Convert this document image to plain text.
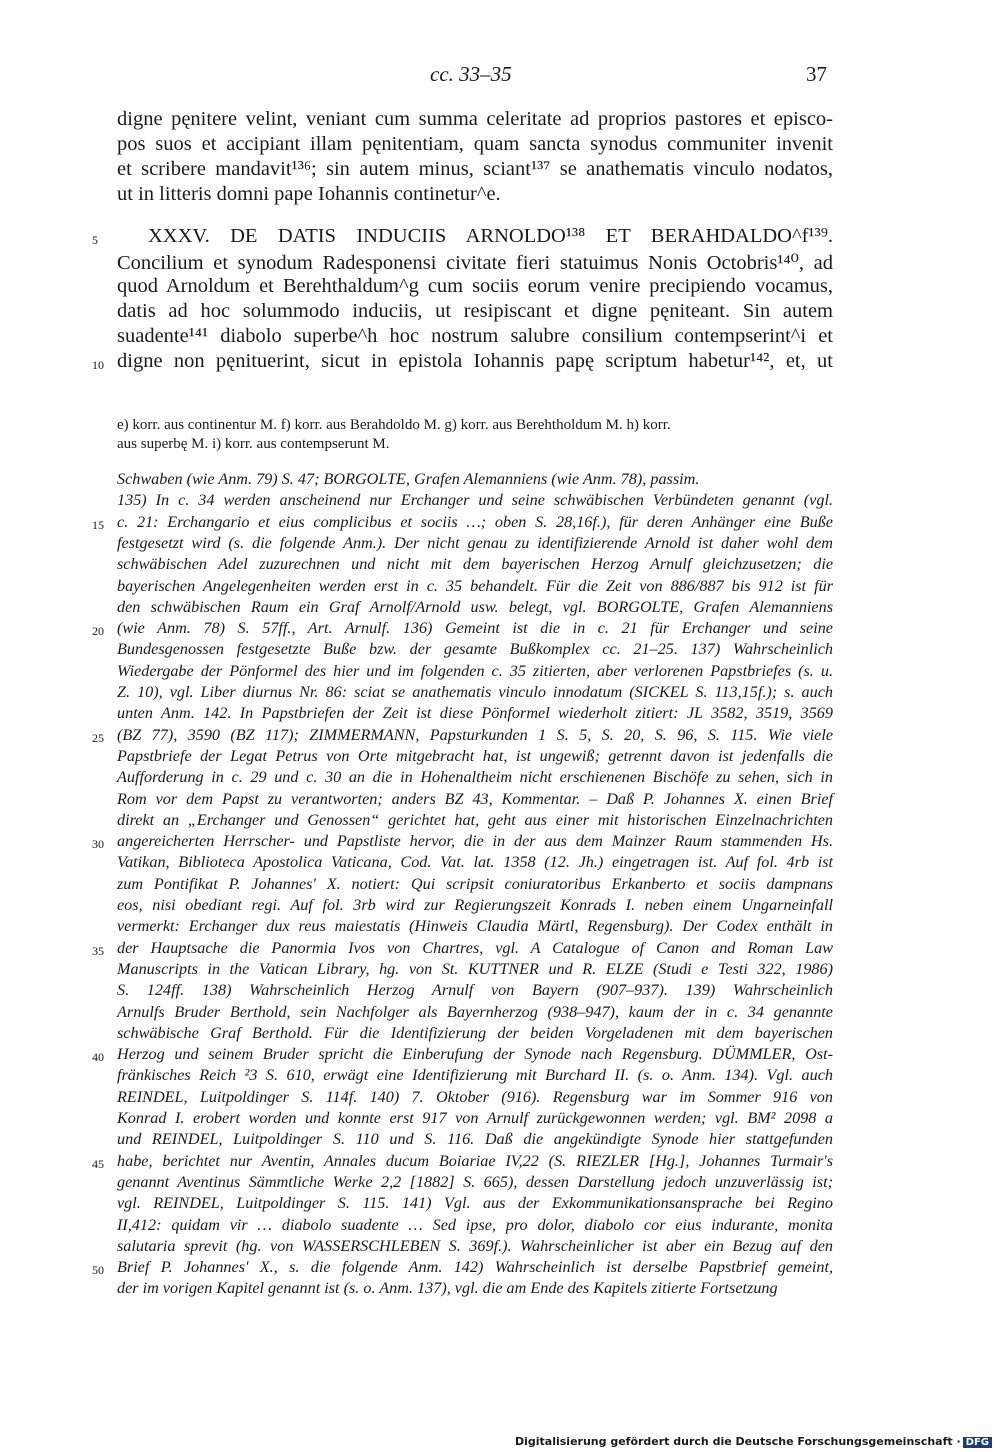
cc. 33–35	37
digne pęnitere velint, veniant cum summa celeritate ad proprios pastores et episco-
pos suos et accipiant illam pęnitentiam, quam sancta synodus communiter invenit
et scribere mandavit¹³⁶; sin autem minus, sciant¹³⁷ se anathematis vinculo nodatos,
ut in litteris domni pape Iohannis continetur^e.
5 XXXV. DE DATIS INDUCIIS ARNOLDO¹³⁸ ET BERAHDALDO^f¹³⁹.
Concilium et synodum Radesponensi civitate fieri statuimus Nonis Octobris¹⁴⁰, ad
quod Arnoldum et Berehthaldum^g cum sociis eorum venire precipiendo vocamus,
datis ad hoc solummodo induciis, ut resipiscant et digne pęniteant. Sin autem
suadente¹⁴¹ diabolo superbe^h hoc nostrum salubre consilium contempserint^i et
10 digne non pęnituerint, sicut in epistola Iohannis papę scriptum habetur¹⁴², et, ut
e) korr. aus continentur M. f) korr. aus Berahdoldo M. g) korr. aus Berehtholdum M. h) korr.
aus superbę M. i) korr. aus contempserunt M.
Schwaben (wie Anm. 79) S. 47; BORGOLTE, Grafen Alemanniens (wie Anm. 78), passim.
135) In c. 34 werden anscheinend nur Erchanger und seine schwäbischen Verbündeten genannt (vgl.
c. 21: Erchangario et eius complicibus et sociis …; oben S. 28,16f.), für deren Anhänger eine Buße
festgesetzt wird (s. die folgende Anm.). Der nicht genau zu identifizierende Arnold ist daher wohl dem
schwäbischen Adel zuzurechnen und nicht mit dem bayerischen Herzog Arnulf gleichzusetzen; die
bayerischen Angelegenheiten werden erst in c. 35 behandelt. Für die Zeit von 886/887 bis 912 ist für
den schwäbischen Raum ein Graf Arnolf/Arnold usw. belegt, vgl. BORGOLTE, Grafen Alemanniens
(wie Anm. 78) S. 57ff., Art. Arnulf. 136) Gemeint ist die in c. 21 für Erchanger und seine
Bundesgenossen festgesetzte Buße bzw. der gesamte Bußkomplex cc. 21–25. 137) Wahrscheinlich
Wiedergabe der Pönformel des hier und im folgenden c. 35 zitierten, aber verlorenen Papstbriefes (s. u.
Z. 10), vgl. Liber diurnus Nr. 86: sciat se anathematis vinculo innodatum (SICKEL S. 113,15f.); s. auch
unten Anm. 142. In Papstbriefen der Zeit ist diese Pönformel wiederholt zitiert: JL 3582, 3519, 3569
(BZ 77), 3590 (BZ 117); ZIMMERMANN, Papsturkunden 1 S. 5, S. 20, S. 96, S. 115. Wie viele
Papstbriefe der Legat Petrus von Orte mitgebracht hat, ist ungewiß; getrennt davon ist jedenfalls die
Aufforderung in c. 29 und c. 30 an die in Hohenaltheim nicht erschienenen Bischöfe zu sehen, sich in
Rom vor dem Papst zu verantworten; anders BZ 43, Kommentar. – Daß P. Johannes X. einen Brief
direkt an „Erchanger und Genossen“ gerichtet hat, geht aus einer mit historischen Einzelnachrichten
angereicherten Herrscher- und Papstliste hervor, die in der aus dem Mainzer Raum stammenden Hs.
Vatikan, Biblioteca Apostolica Vaticana, Cod. Vat. lat. 1358 (12. Jh.) eingetragen ist. Auf fol. 4rb ist
zum Pontifikat P. Johannes' X. notiert: Qui scripsit coniuratoribus Erkanberto et sociis dampnans
eos, nisi obediant regi. Auf fol. 3rb wird zur Regierungszeit Konrads I. neben einem Ungarneinfall
vermerkt: Erchanger dux reus maiestatis (Hinweis Claudia Märtl, Regensburg). Der Codex enthält in
der Hauptsache die Panormia Ivos von Chartres, vgl. A Catalogue of Canon and Roman Law
Manuscripts in the Vatican Library, hg. von St. KUTTNER und R. ELZE (Studi e Testi 322, 1986)
S. 124ff. 138) Wahrscheinlich Herzog Arnulf von Bayern (907–937). 139) Wahrscheinlich
Arnulfs Bruder Berthold, sein Nachfolger als Bayernherzog (938–947), kaum der in c. 34 genannte
schwäbische Graf Berthold. Für die Identifizierung der beiden Vorgeladenen mit dem bayerischen
Herzog und seinem Bruder spricht die Einberufung der Synode nach Regensburg. DÜMMLER, Ost-
fränkisches Reich ²3 S. 610, erwägt eine Identifizierung mit Burchard II. (s. o. Anm. 134). Vgl. auch
REINDEL, Luitpoldinger S. 114f. 140) 7. Oktober (916). Regensburg war im Sommer 916 von
Konrad I. erobert worden und konnte erst 917 von Arnulf zurückgewonnen werden; vgl. BM² 2098 a
und REINDEL, Luitpoldinger S. 110 und S. 116. Daß die angekündigte Synode hier stattgefunden
habe, berichtet nur Aventin, Annales ducum Boiariae IV,22 (S. RIEZLER [Hg.], Johannes Turmair's
genannt Aventinus Sämmtliche Werke 2,2 [1882] S. 665), dessen Darstellung jedoch unzuverlässig ist;
vgl. REINDEL, Luitpoldinger S. 115. 141) Vgl. aus der Exkommunikationsansprache bei Regino
II,412: quidam vir … diabolo suadente … Sed ipse, pro dolor, diabolo cor eius indurante, monita
salutaria sprevit (hg. von WASSERSCHLEBEN S. 369f.). Wahrscheinlicher ist aber ein Bezug auf den
Brief P. Johannes' X., s. die folgende Anm. 142) Wahrscheinlich ist derselbe Papstbrief gemeint,
der im vorigen Kapitel genannt ist (s. o. Anm. 137), vgl. die am Ende des Kapitels zitierte Fortsetzung
15
20
25
30
35
40
45
50
Digitalisierung gefördert durch die Deutsche Forschungsgemeinschaft · DFG
